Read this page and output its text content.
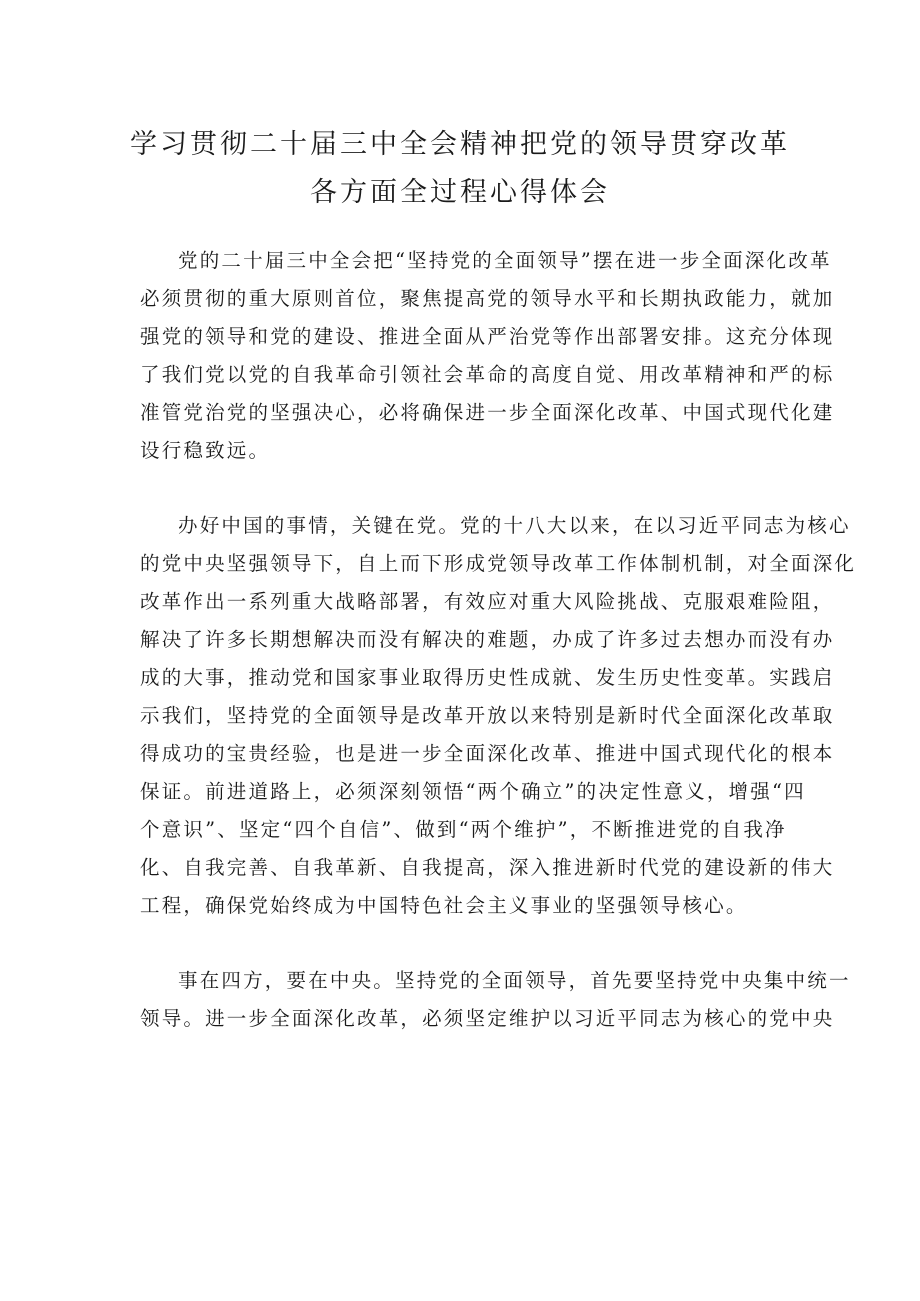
学习贯彻二十届三中全会精神把党的领导贯穿改革
各方面全过程心得体会

党的二十届三中全会把“坚持党的全面领导”摆在进一步全面深化改革
必须贯彻的重大原则首位，聚焦提高党的领导水平和长期执政能力，就加
强党的领导和党的建设、推进全面从严治党等作出部署安排。这充分体现
了我们党以党的自我革命引领社会革命的高度自觉、用改革精神和严的标
准管党治党的坚强决心，必将确保进一步全面深化改革、中国式现代化建
设行稳致远。

办好中国的事情，关键在党。党的十八大以来，在以习近平同志为核心
的党中央坚强领导下，自上而下形成党领导改革工作体制机制，对全面深化
改革作出一系列重大战略部署，有效应对重大风险挑战、克服艰难险阻，
解决了许多长期想解决而没有解决的难题，办成了许多过去想办而没有办
成的大事，推动党和国家事业取得历史性成就、发生历史性变革。实践启
示我们，坚持党的全面领导是改革开放以来特别是新时代全面深化改革取
得成功的宝贵经验，也是进一步全面深化改革、推进中国式现代化的根本
保证。前进道路上，必须深刻领悟“两个确立”的决定性意义，增强“四
个意识”、坚定“四个自信”、做到“两个维护”，不断推进党的自我净
化、自我完善、自我革新、自我提高，深入推进新时代党的建设新的伟大
工程，确保党始终成为中国特色社会主义事业的坚强领导核心。

事在四方，要在中央。坚持党的全面领导，首先要坚持党中央集中统一
领导。进一步全面深化改革，必须坚定维护以习近平同志为核心的党中央
